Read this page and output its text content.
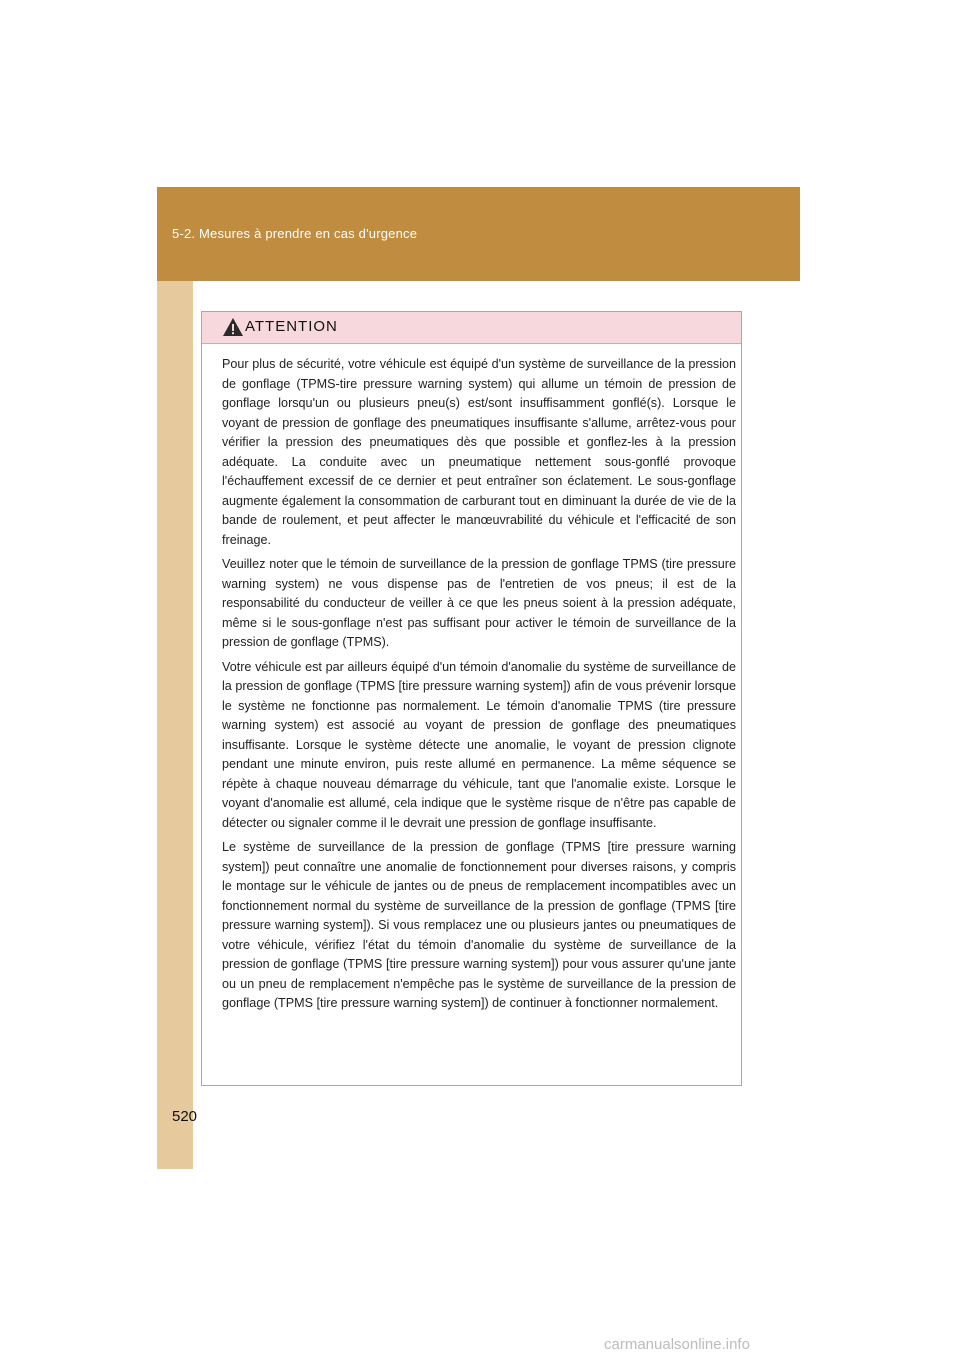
5-2. Mesures à prendre en cas d'urgence
ATTENTION

Pour plus de sécurité, votre véhicule est équipé d'un système de surveillance de la pression de gonflage (TPMS-tire pressure warning system) qui allume un témoin de pression de gonflage lorsqu'un ou plusieurs pneu(s) est/sont insuffisamment gonflé(s). Lorsque le voyant de pression de gonflage des pneumatiques insuffisante s'allume, arrêtez-vous pour vérifier la pression des pneumatiques dès que possible et gonflez-les à la pression adéquate. La conduite avec un pneumatique nettement sous-gonflé provoque l'échauffement excessif de ce dernier et peut entraîner son éclatement. Le sous-gonflage augmente également la consommation de carburant tout en diminuant la durée de vie de la bande de roulement, et peut affecter le manœuvrabilité du véhicule et l'efficacité de son freinage.

Veuillez noter que le témoin de surveillance de la pression de gonflage TPMS (tire pressure warning system) ne vous dispense pas de l'entretien de vos pneus; il est de la responsabilité du conducteur de veiller à ce que les pneus soient à la pression adéquate, même si le sous-gonflage n'est pas suffisant pour activer le témoin de surveillance de la pression de gonflage (TPMS).

Votre véhicule est par ailleurs équipé d'un témoin d'anomalie du système de surveillance de la pression de gonflage (TPMS [tire pressure warning system]) afin de vous prévenir lorsque le système ne fonctionne pas normalement. Le témoin d'anomalie TPMS (tire pressure warning system) est associé au voyant de pression de gonflage des pneumatiques insuffisante. Lorsque le système détecte une anomalie, le voyant de pression clignote pendant une minute environ, puis reste allumé en permanence. La même séquence se répète à chaque nouveau démarrage du véhicule, tant que l'anomalie existe. Lorsque le voyant d'anomalie est allumé, cela indique que le système risque de n'être pas capable de détecter ou signaler comme il le devrait une pression de gonflage insuffisante.

Le système de surveillance de la pression de gonflage (TPMS [tire pressure warning system]) peut connaître une anomalie de fonctionnement pour diverses raisons, y compris le montage sur le véhicule de jantes ou de pneus de remplacement incompatibles avec un fonctionnement normal du système de surveillance de la pression de gonflage (TPMS [tire pressure warning system]). Si vous remplacez une ou plusieurs jantes ou pneumatiques de votre véhicule, vérifiez l'état du témoin d'anomalie du système de surveillance de la pression de gonflage (TPMS [tire pressure warning system]) pour vous assurer qu'une jante ou un pneu de remplacement n'empêche pas le système de surveillance de la pression de gonflage (TPMS [tire pressure warning system]) de continuer à fonctionner normalement.

520
carmanualsonline.info
